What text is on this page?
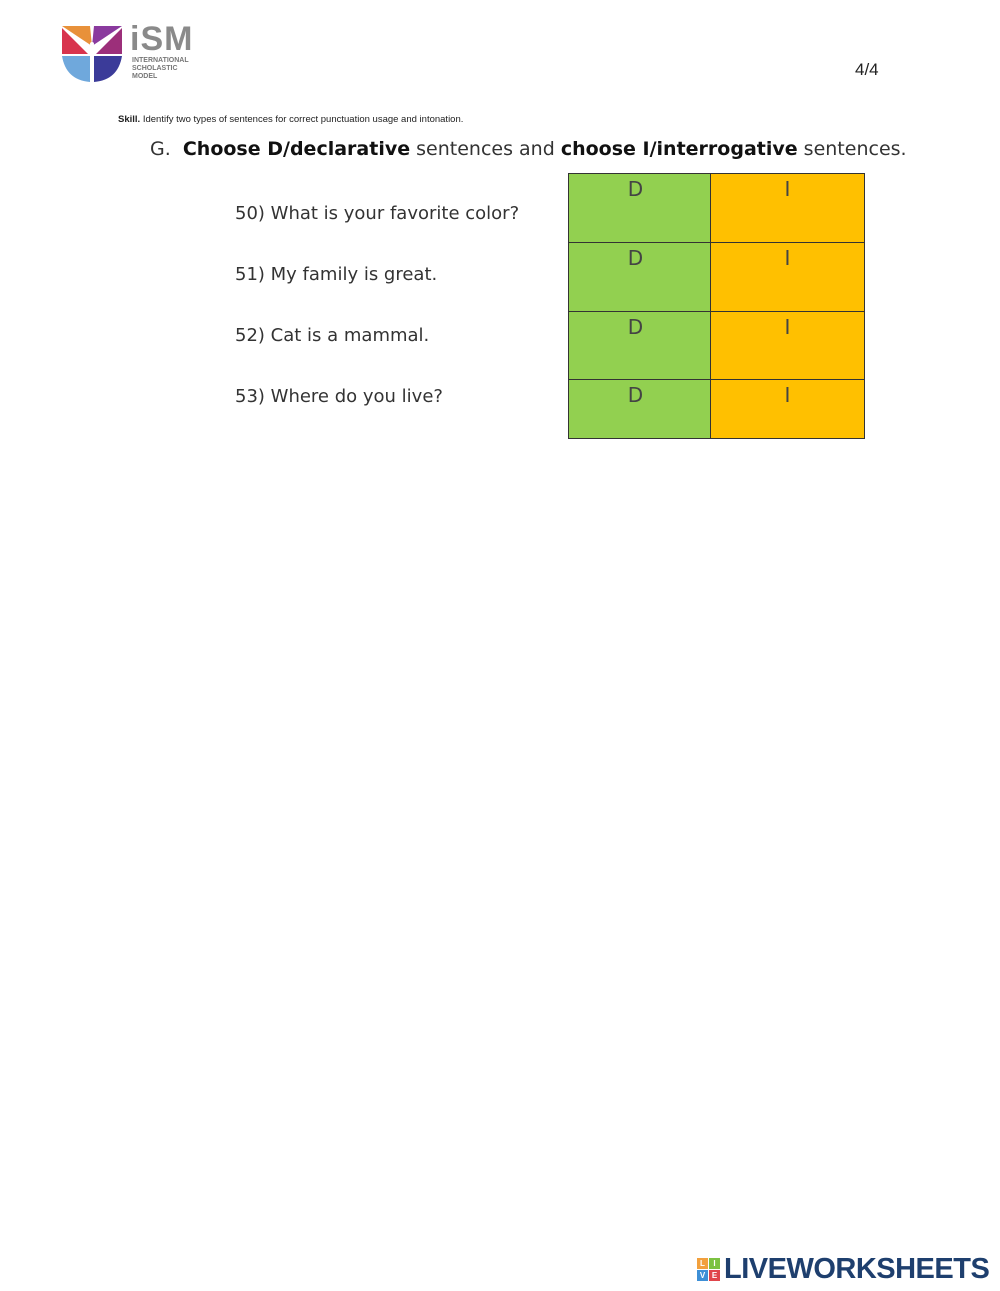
iSM
INTERNATIONAL
SCHOLASTIC
MODEL	4/4
Skill. Identify two types of sentences for correct punctuation usage and intonation.
G. Choose D/declarative sentences and choose I/interrogative sentences.
50) What is your favorite color?
51) My family is great.
52) Cat is a mammal.
53) Where do you live?
D	I
D	I
D	I
D	I
L	I
V E LIVEWORKSHEETS
